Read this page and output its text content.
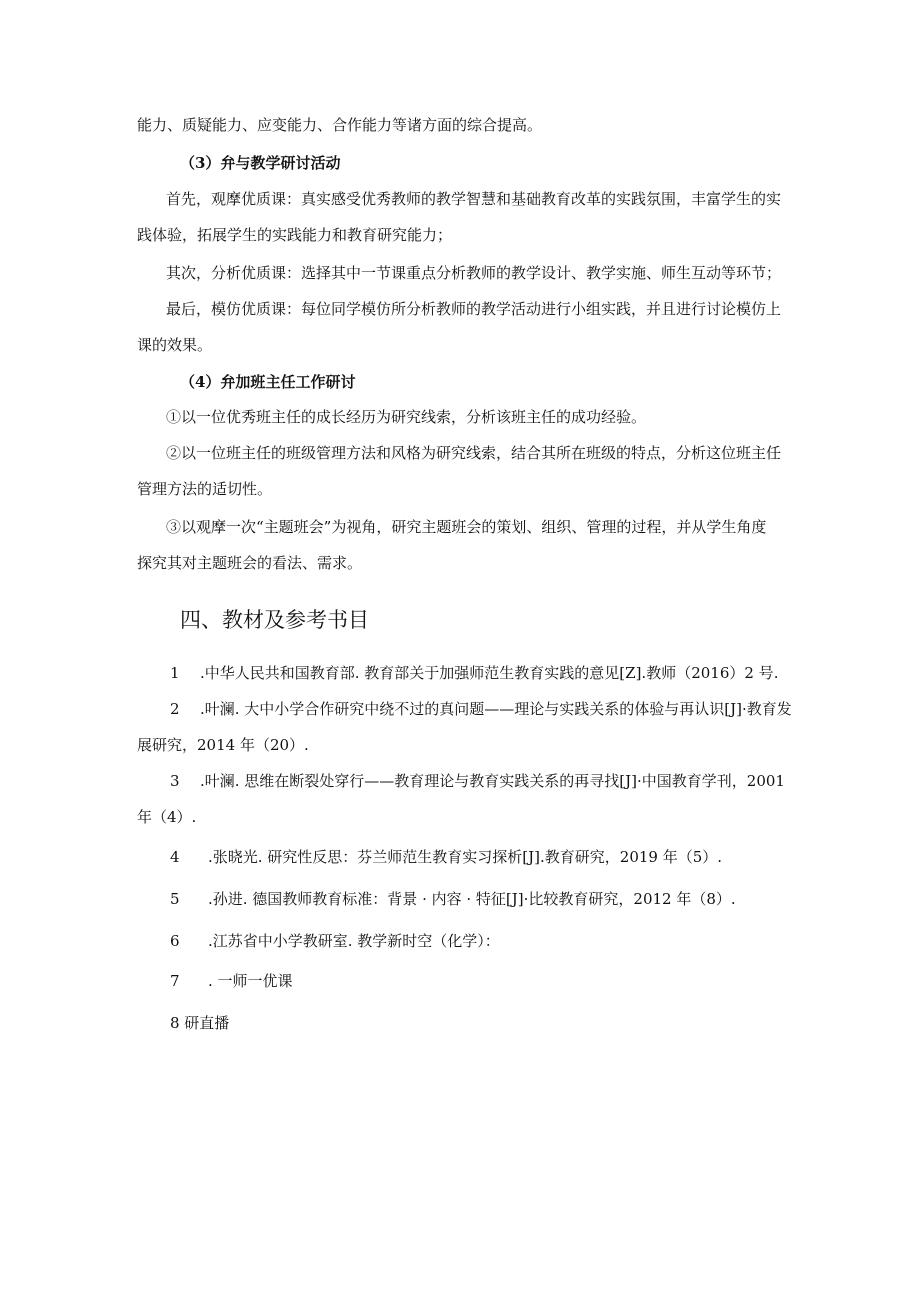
能力、质疑能力、应变能力、合作能力等诸方面的综合提高。
（3）弁与教学研讨活动
首先，观摩优质课：真实感受优秀教师的教学智慧和基础教育改革的实践氛围，丰富学生的实
践体验，拓展学生的实践能力和教育研究能力；
其次，分析优质课：选择其中一节课重点分析教师的教学设计、教学实施、师生互动等环节；
最后，模仿优质课：每位同学模仿所分析教师的教学活动进行小组实践，并且进行讨论模仿上
课的效果。
（4）弁加班主任工作研讨
①以一位优秀班主任的成长经历为研究线索，分析该班主任的成功经验。
②以一位班主任的班级管理方法和风格为研究线索，结合其所在班级的特点，分析这位班主任
管理方法的适切性。
③以观摩一次“主题班会”为视角，研究主题班会的策划、组织、管理的过程，并从学生角度
探究其对主题班会的看法、需求。
四、教材及参考书目
1 .中华人民共和国教育部. 教育部关于加强师范生教育实践的意见[Z].教师（2016）2 号.
2 .叶澜. 大中小学合作研究中绕不过的真问题——理论与实践关系的体验与再认识[J]·教育发
展研究，2014 年（20）.
3 .叶澜. 思维在断裂处穿行——教育理论与教育实践关系的再寻找[J]·中国教育学刊，2001
年（4）.
4 .张晓光. 研究性反思：芬兰师范生教育实习探析[J].教育研究，2019 年（5）.
5 .孙进. 德国教师教育标准：背景 · 内容 · 特征[J]·比较教育研究，2012 年（8）.
6 .江苏省中小学教研室. 教学新时空（化学）：
7 . 一师一优课
8 研直播
